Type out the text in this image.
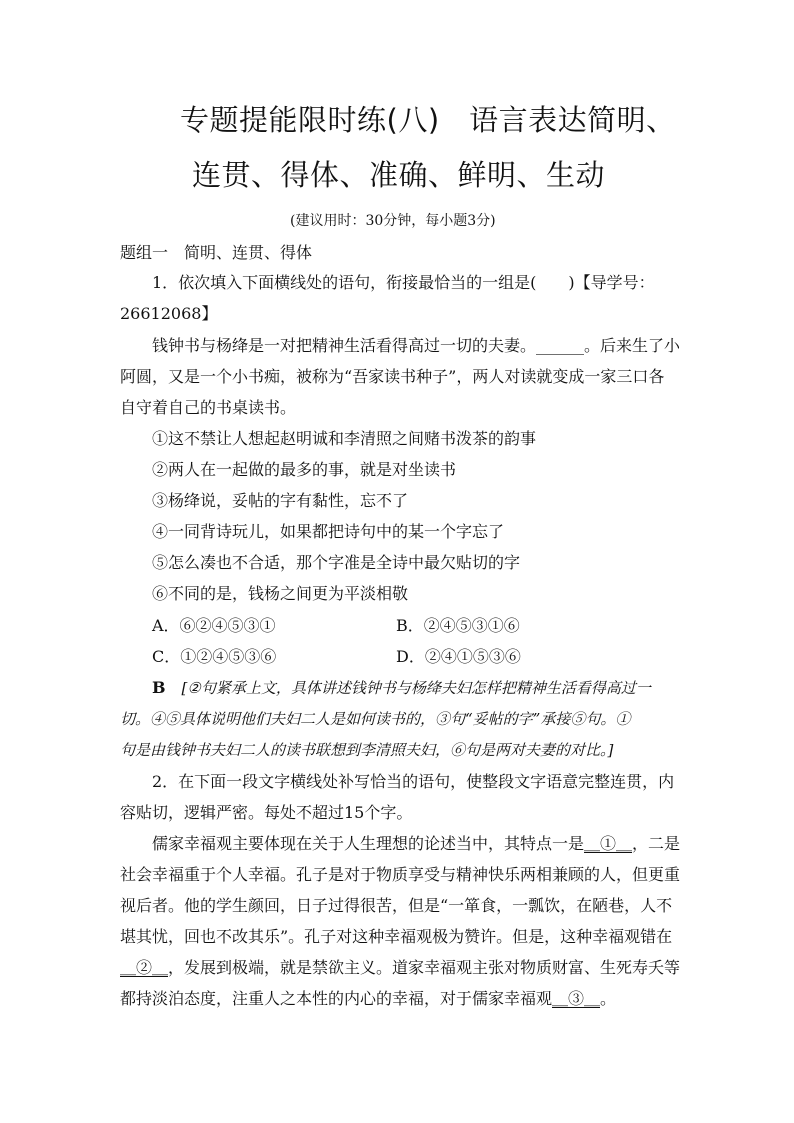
专题提能限时练(八)　语言表达简明、
连贯、得体、准确、鲜明、生动
(建议用时：30分钟，每小题3分)
题组一　简明、连贯、得体
1．依次填入下面横线处的语句，衔接最恰当的一组是(　　)【导学号：
26612068】
钱钟书与杨绛是一对把精神生活看得高过一切的夫妻。______。后来生了小
阿圆，又是一个小书痴，被称为“吾家读书种子”，两人对读就变成一家三口各
自守着自己的书桌读书。
①这不禁让人想起赵明诚和李清照之间赌书泼茶的韵事
②两人在一起做的最多的事，就是对坐读书
③杨绛说，妥帖的字有黏性，忘不了
④一同背诗玩儿，如果都把诗句中的某一个字忘了
⑤怎么凑也不合适，那个字准是全诗中最欠贴切的字
⑥不同的是，钱杨之间更为平淡相敬
A．⑥②④⑤③①	B．②④⑤③①⑥
C．①②④⑤③⑥	D．②④①⑤③⑥
B　 [②句紧承上文，具体讲述钱钟书与杨绛夫妇怎样把精神生活看得高过一
切。④⑤具体说明他们夫妇二人是如何读书的，③句“妥帖的字”承接⑤句。①
句是由钱钟书夫妇二人的读书联想到李清照夫妇，⑥句是两对夫妻的对比。]
2．在下面一段文字横线处补写恰当的语句，使整段文字语意完整连贯，内
容贴切，逻辑严密。每处不超过15个字。
儒家幸福观主要体现在关于人生理想的论述当中，其特点一是＿①＿，二是
社会幸福重于个人幸福。孔子是对于物质享受与精神快乐两相兼顾的人，但更重
视后者。他的学生颜回，日子过得很苦，但是“一箪食，一瓢饮，在陋巷，人不
堪其忧，回也不改其乐”。孔子对这种幸福观极为赞许。但是，这种幸福观错在
＿②＿，发展到极端，就是禁欲主义。道家幸福观主张对物质财富、生死寿夭等
都持淡泊态度，注重人之本性的内心的幸福，对于儒家幸福观＿③＿。
